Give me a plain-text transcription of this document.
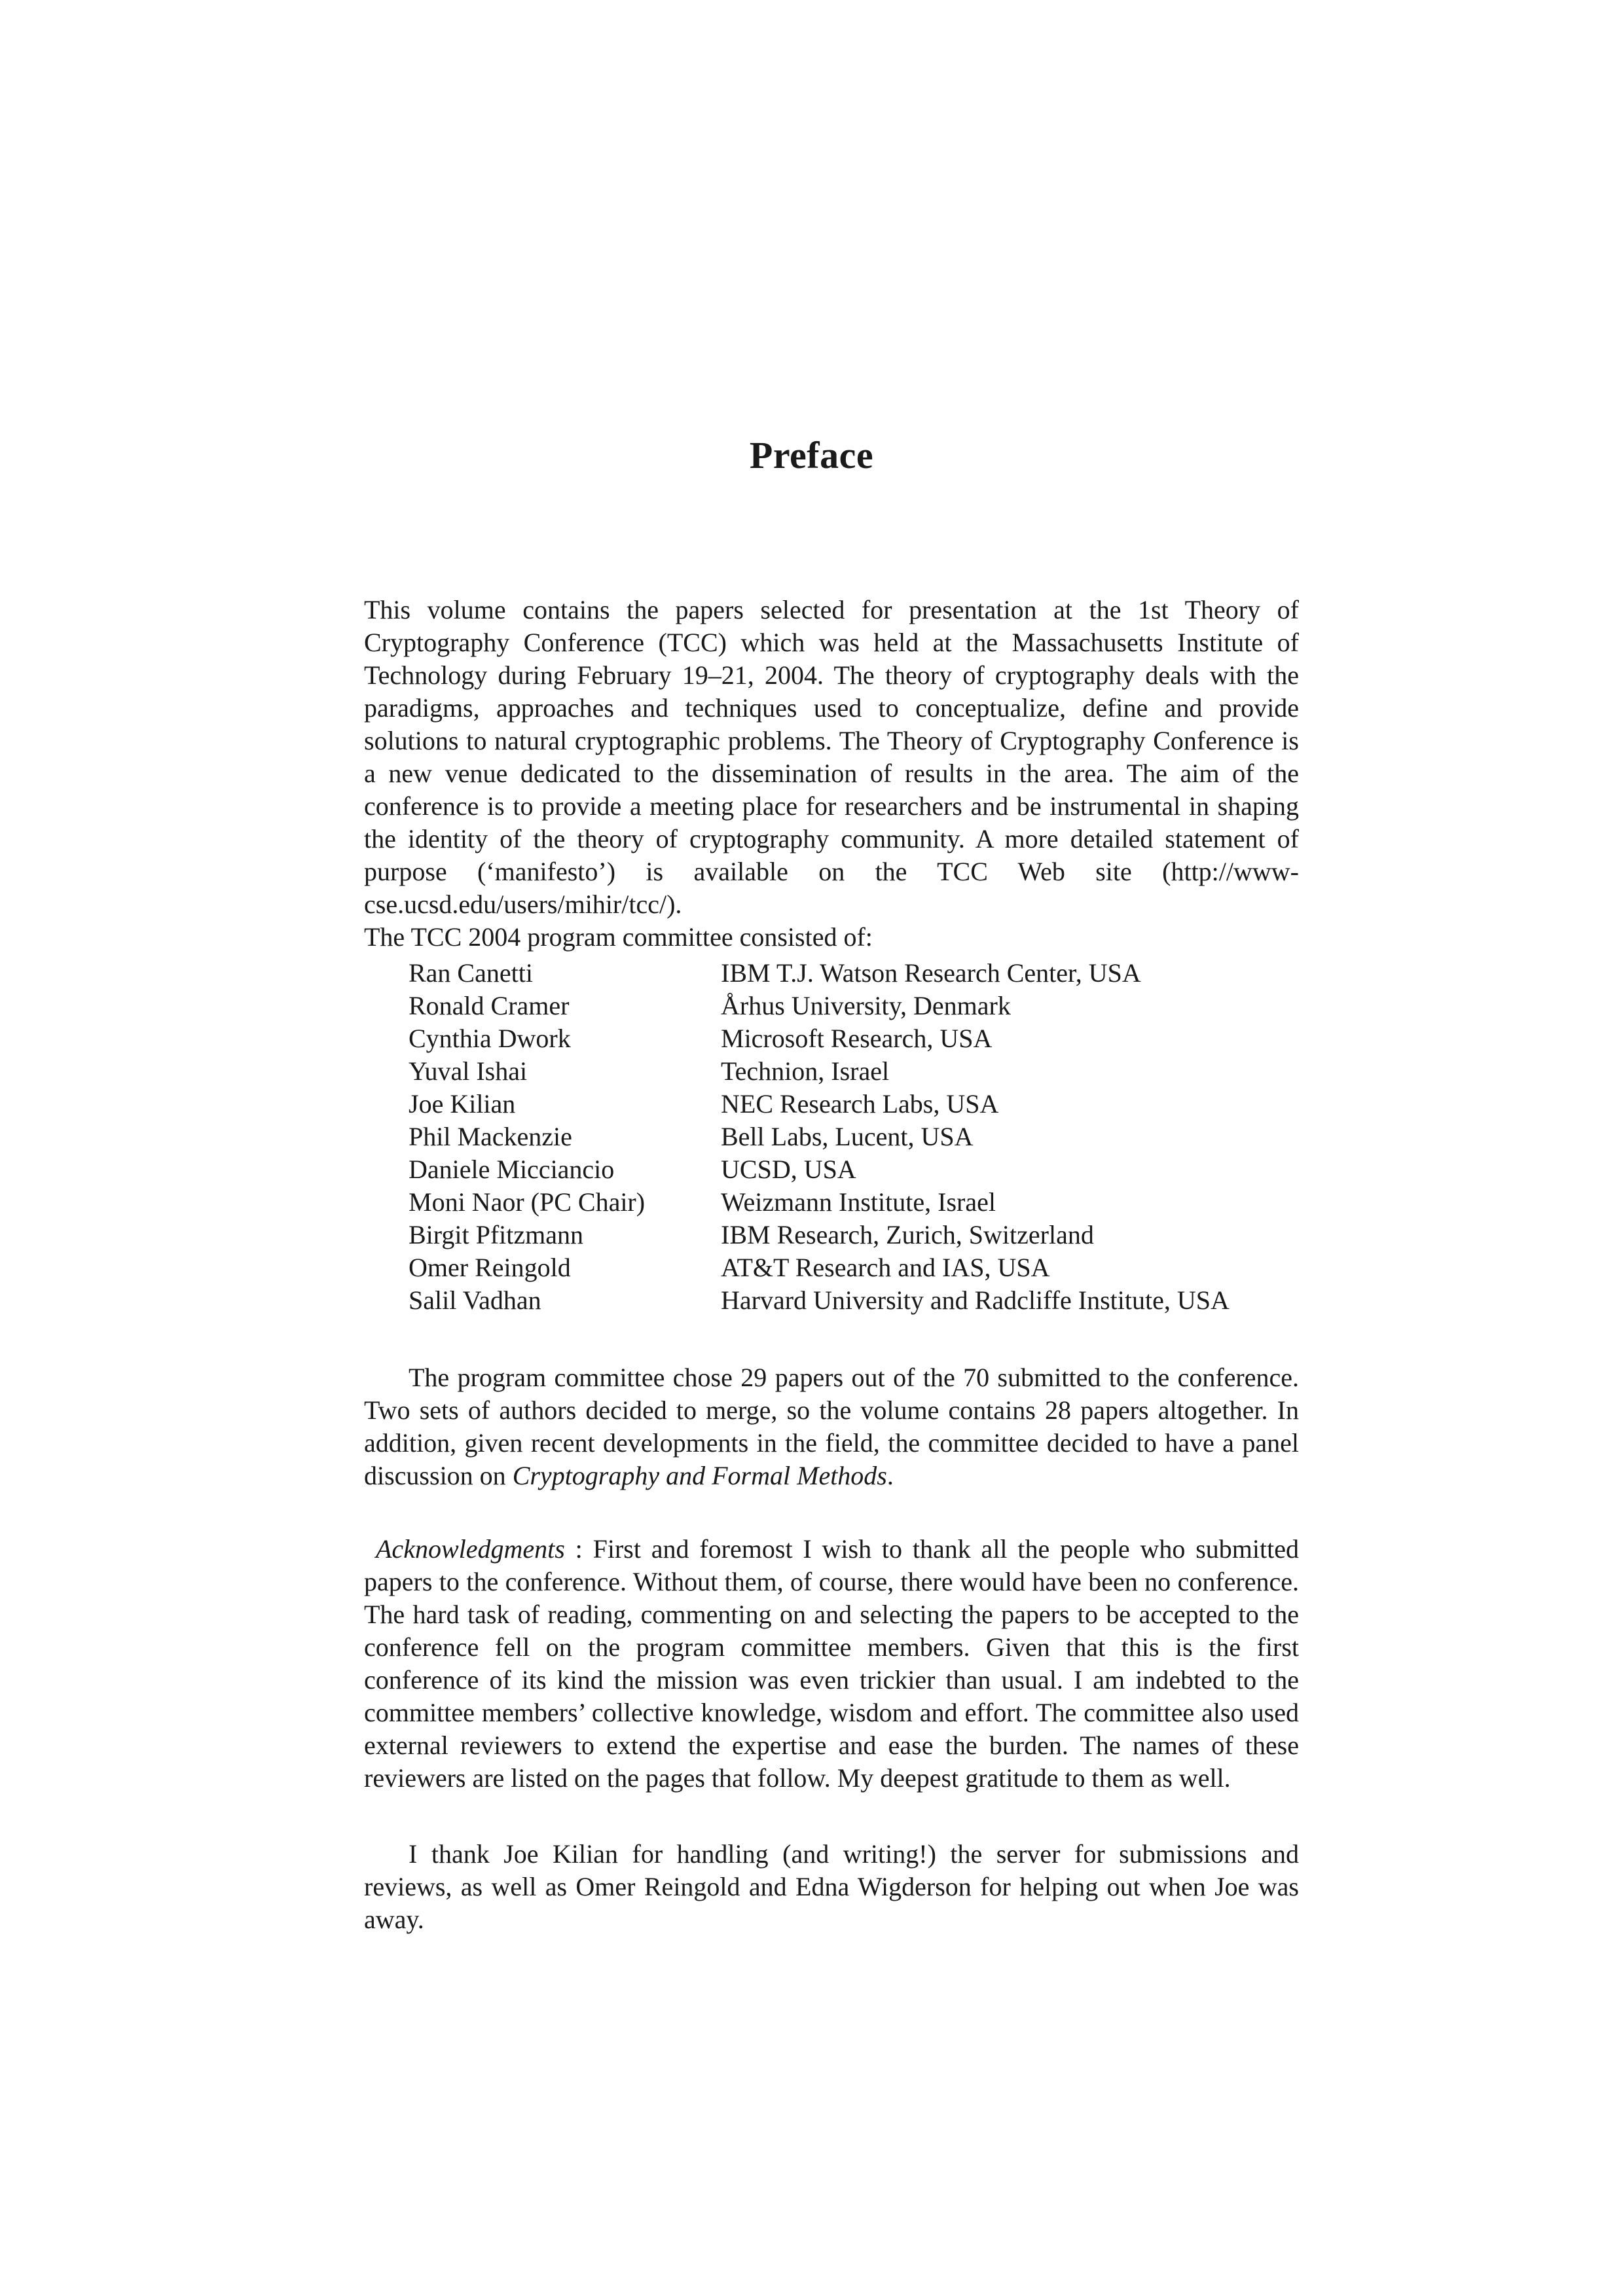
Preface

This volume contains the papers selected for presentation at the 1st Theory of Cryptography Conference (TCC) which was held at the Massachusetts Institute of Technology during February 19–21, 2004. The theory of cryptography deals with the paradigms, approaches and techniques used to conceptualize, define and provide solutions to natural cryptographic problems. The Theory of Cryptography Conference is a new venue dedicated to the dissemination of results in the area. The aim of the conference is to provide a meeting place for researchers and be instrumental in shaping the identity of the theory of cryptography community. A more detailed statement of purpose (‘manifesto’) is available on the TCC Web site (http://www-cse.ucsd.edu/users/mihir/tcc/).

The TCC 2004 program committee consisted of:

Ran Canetti	IBM T.J. Watson Research Center, USA
Ronald Cramer	Århus University, Denmark
Cynthia Dwork	Microsoft Research, USA
Yuval Ishai	Technion, Israel
Joe Kilian	NEC Research Labs, USA
Phil Mackenzie	Bell Labs, Lucent, USA
Daniele Micciancio	UCSD, USA
Moni Naor (PC Chair)	Weizmann Institute, Israel
Birgit Pfitzmann	IBM Research, Zurich, Switzerland
Omer Reingold	AT&T Research and IAS, USA
Salil Vadhan	Harvard University and Radcliffe Institute, USA

The program committee chose 29 papers out of the 70 submitted to the conference. Two sets of authors decided to merge, so the volume contains 28 papers altogether. In addition, given recent developments in the field, the committee decided to have a panel discussion on Cryptography and Formal Methods.

Acknowledgments : First and foremost I wish to thank all the people who submitted papers to the conference. Without them, of course, there would have been no conference. The hard task of reading, commenting on and selecting the papers to be accepted to the conference fell on the program committee members. Given that this is the first conference of its kind the mission was even trickier than usual. I am indebted to the committee members’ collective knowledge, wisdom and effort. The committee also used external reviewers to extend the expertise and ease the burden. The names of these reviewers are listed on the pages that follow. My deepest gratitude to them as well.

I thank Joe Kilian for handling (and writing!) the server for submissions and reviews, as well as Omer Reingold and Edna Wigderson for helping out when Joe was away.
